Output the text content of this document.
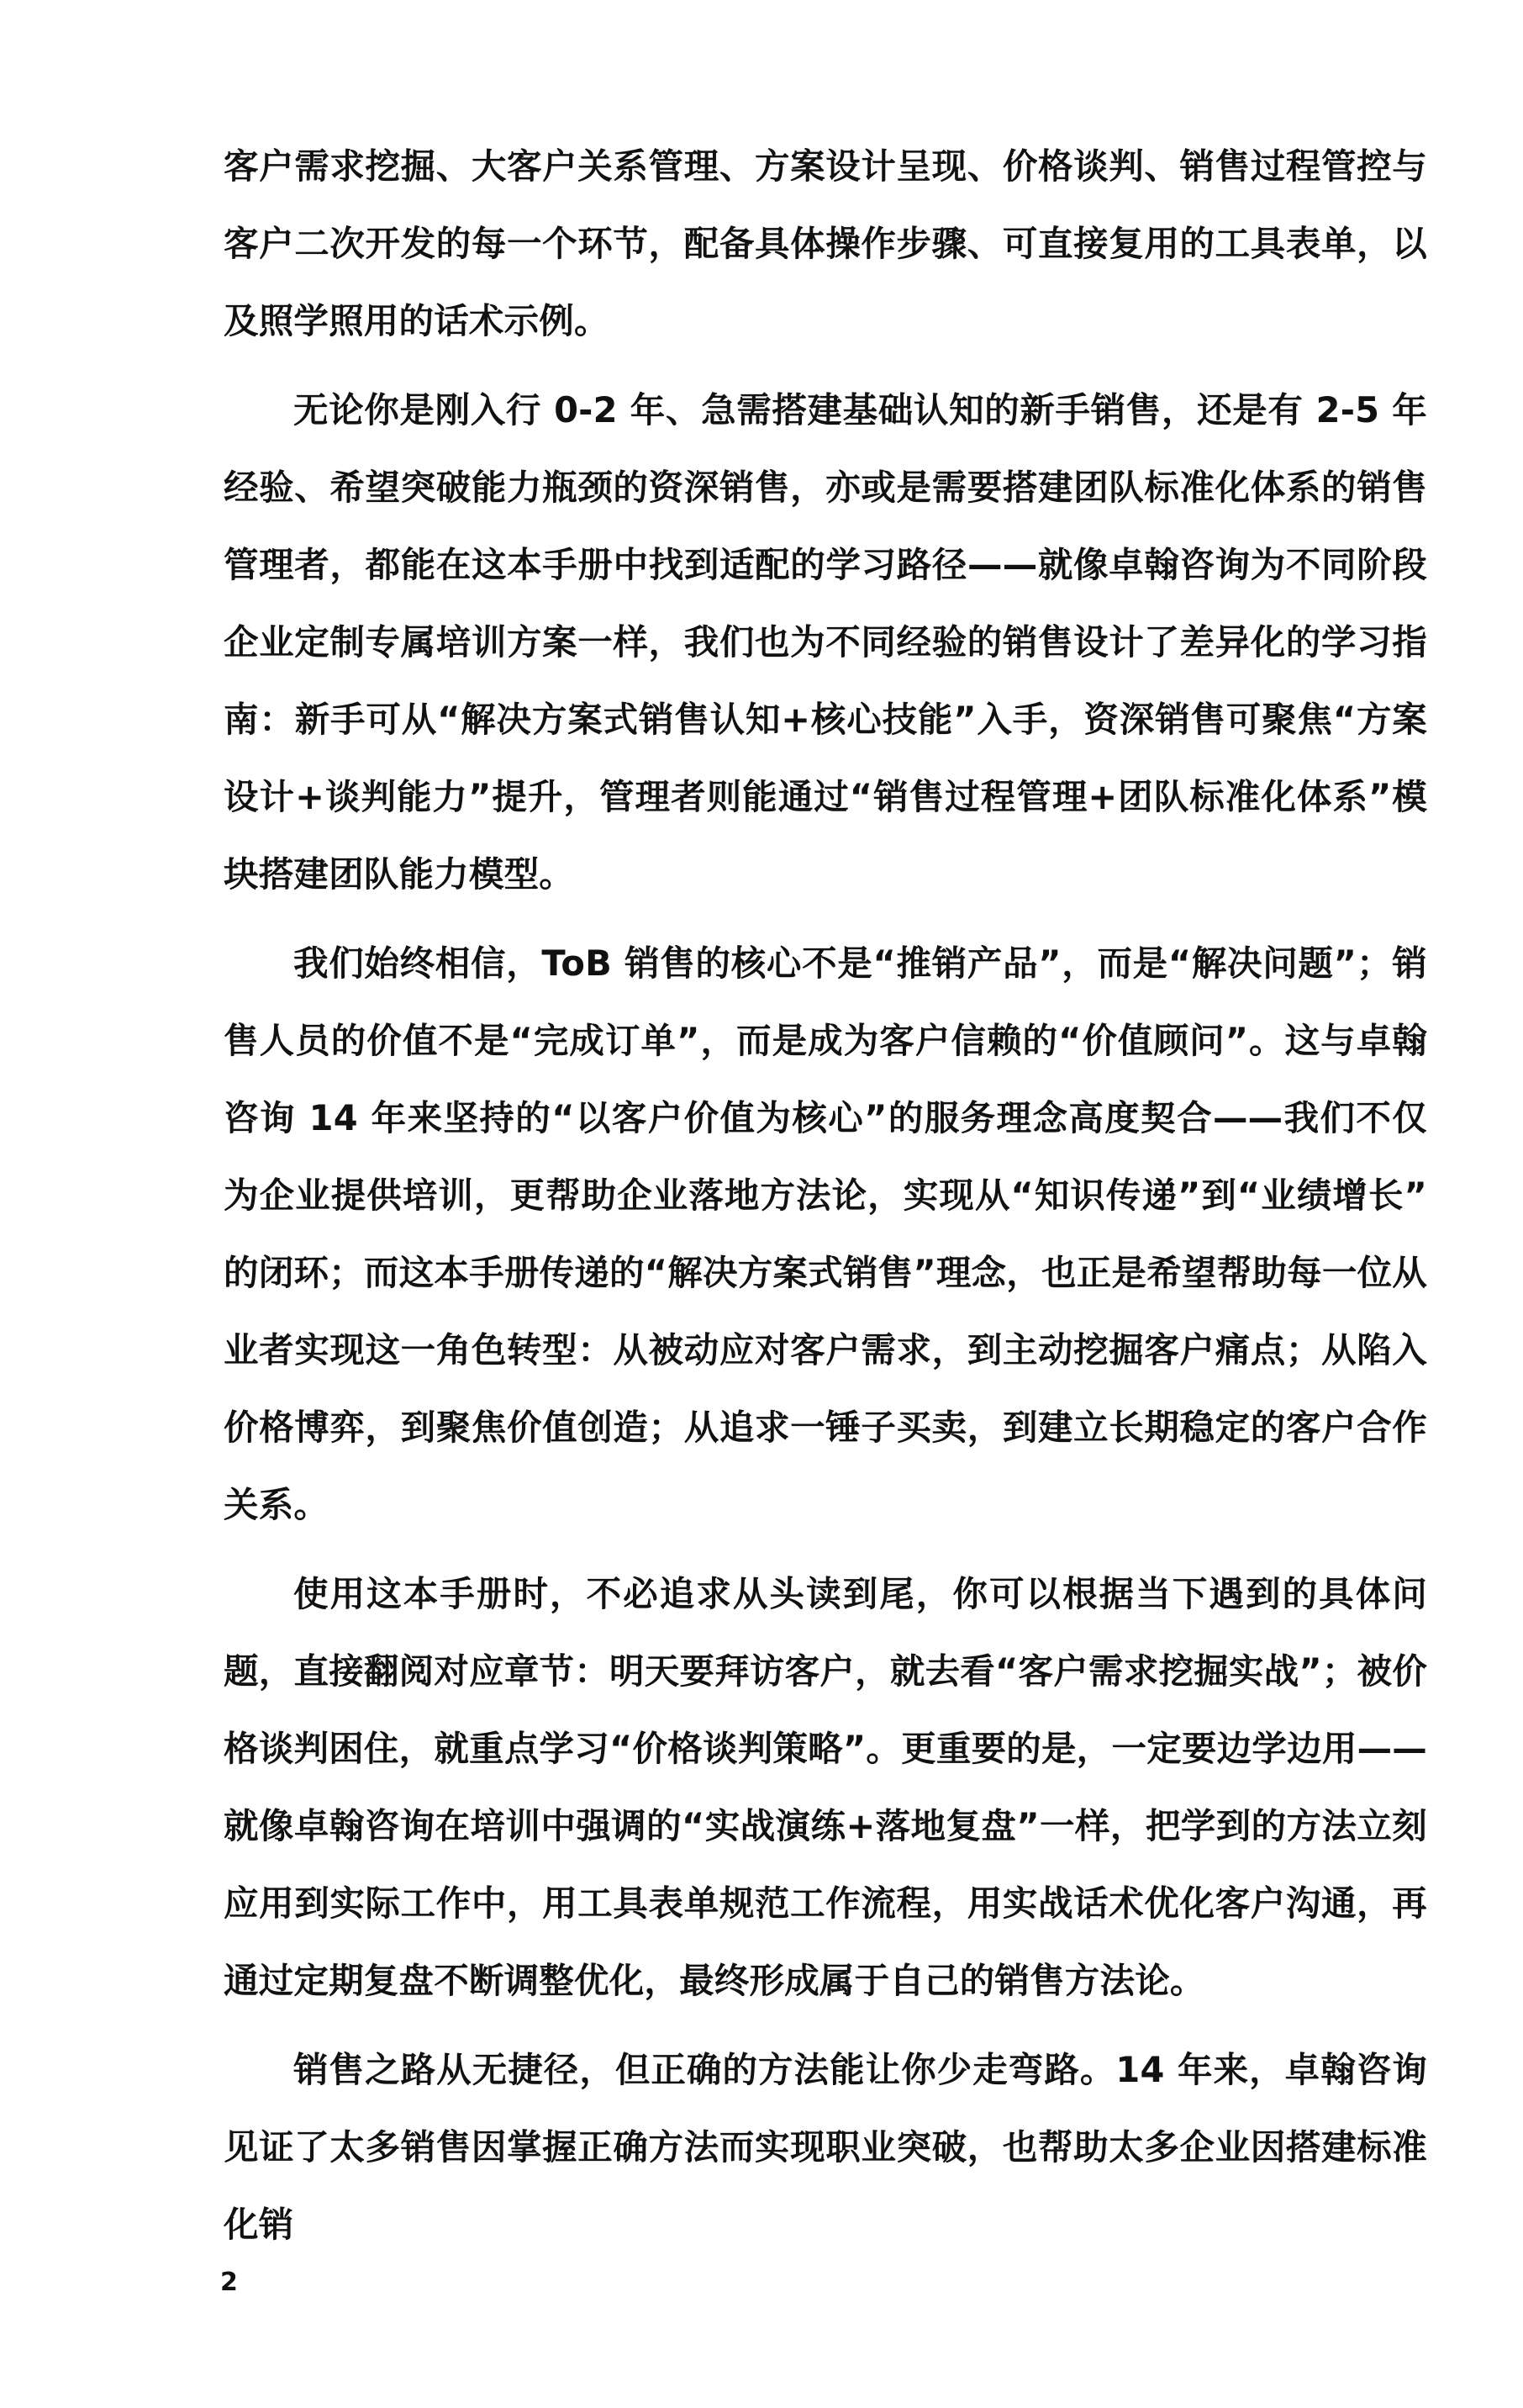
客户需求挖掘、大客户关系管理、方案设计呈现、价格谈判、销售过程管控与客户二次开发的每一个环节，配备具体操作步骤、可直接复用的工具表单，以及照学照用的话术示例。

无论你是刚入行 0-2 年、急需搭建基础认知的新手销售，还是有 2-5 年经验、希望突破能力瓶颈的资深销售，亦或是需要搭建团队标准化体系的销售管理者，都能在这本手册中找到适配的学习路径——就像卓翰咨询为不同阶段企业定制专属培训方案一样，我们也为不同经验的销售设计了差异化的学习指南：新手可从“解决方案式销售认知+核心技能”入手，资深销售可聚焦“方案设计+谈判能力”提升，管理者则能通过“销售过程管理+团队标准化体系”模块搭建团队能力模型。

我们始终相信，ToB 销售的核心不是“推销产品”，而是“解决问题”；销售人员的价值不是“完成订单”，而是成为客户信赖的“价值顾问”。这与卓翰咨询 14 年来坚持的“以客户价值为核心”的服务理念高度契合——我们不仅为企业提供培训，更帮助企业落地方法论，实现从“知识传递”到“业绩增长”的闭环；而这本手册传递的“解决方案式销售”理念，也正是希望帮助每一位从业者实现这一角色转型：从被动应对客户需求，到主动挖掘客户痛点；从陷入价格博弈，到聚焦价值创造；从追求一锤子买卖，到建立长期稳定的客户合作关系。

使用这本手册时，不必追求从头读到尾，你可以根据当下遇到的具体问题，直接翻阅对应章节：明天要拜访客户，就去看“客户需求挖掘实战”；被价格谈判困住，就重点学习“价格谈判策略”。更重要的是，一定要边学边用——就像卓翰咨询在培训中强调的“实战演练+落地复盘”一样，把学到的方法立刻应用到实际工作中，用工具表单规范工作流程，用实战话术优化客户沟通，再通过定期复盘不断调整优化，最终形成属于自己的销售方法论。

销售之路从无捷径，但正确的方法能让你少走弯路。14 年来，卓翰咨询见证了太多销售因掌握正确方法而实现职业突破，也帮助太多企业因搭建标准化销

2
